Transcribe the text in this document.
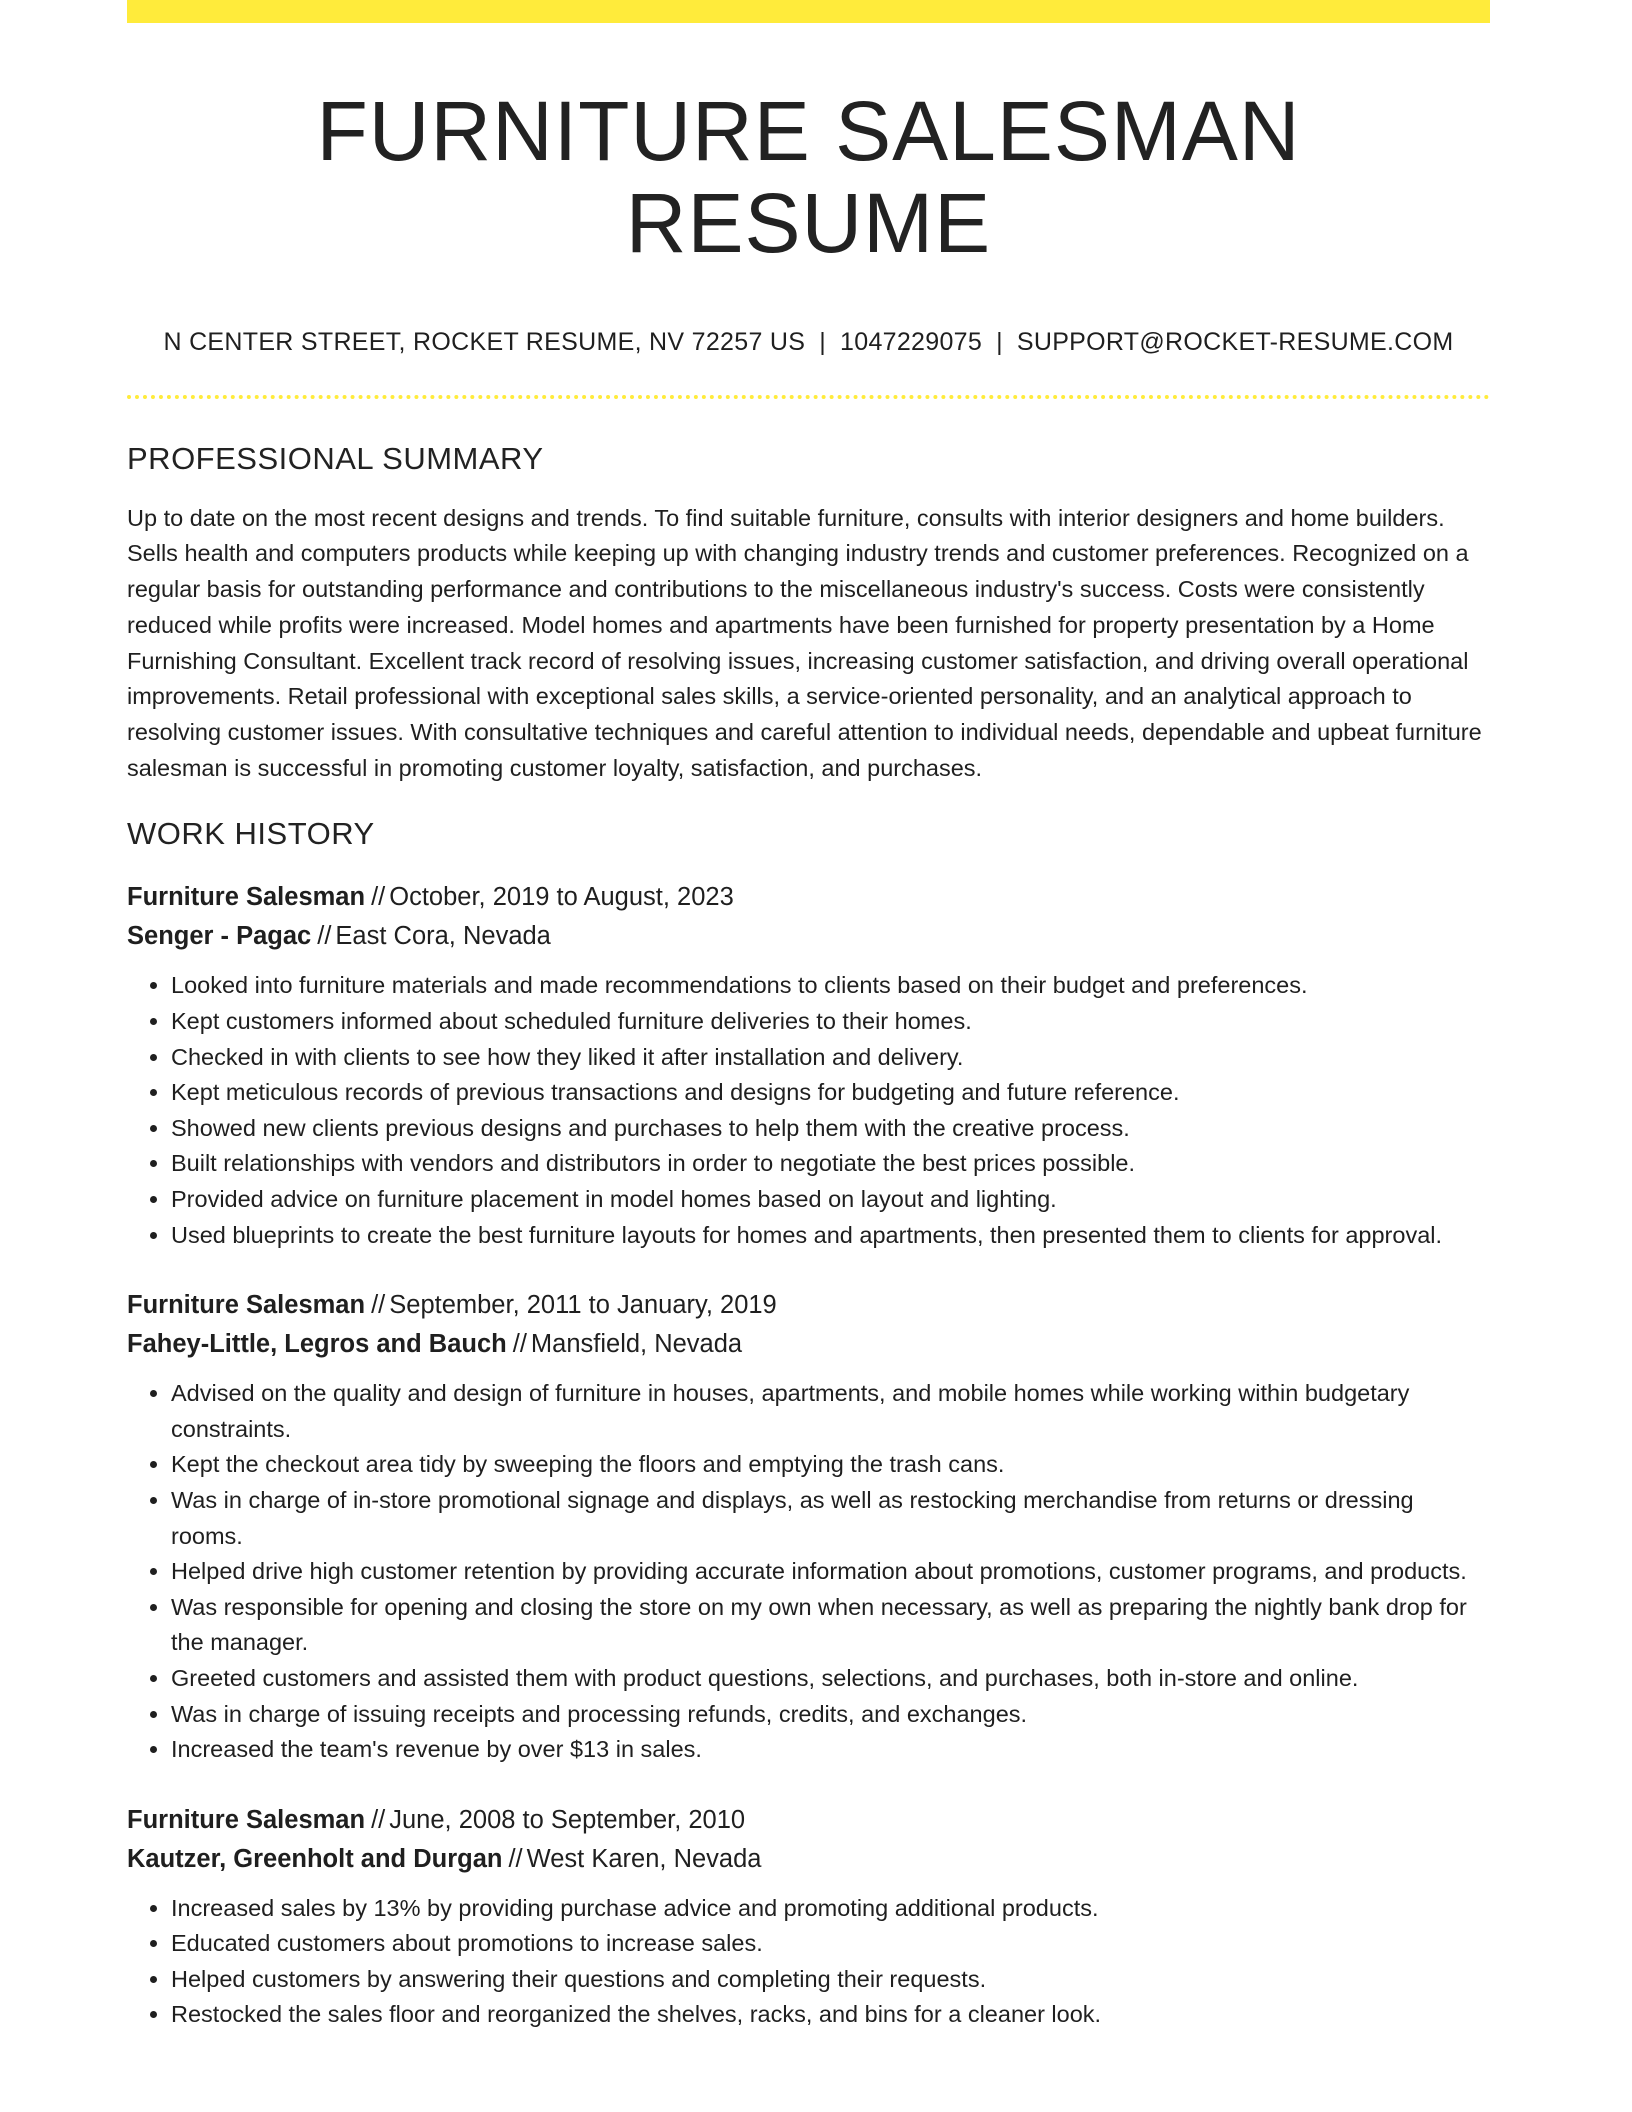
FURNITURE SALESMAN RESUME
N CENTER STREET, ROCKET RESUME, NV 72257 US | 1047229075 | SUPPORT@ROCKET-RESUME.COM
PROFESSIONAL SUMMARY

Up to date on the most recent designs and trends. To find suitable furniture, consults with interior designers and home builders. Sells health and computers products while keeping up with changing industry trends and customer preferences. Recognized on a regular basis for outstanding performance and contributions to the miscellaneous industry's success. Costs were consistently reduced while profits were increased. Model homes and apartments have been furnished for property presentation by a Home Furnishing Consultant. Excellent track record of resolving issues, increasing customer satisfaction, and driving overall operational improvements. Retail professional with exceptional sales skills, a service-oriented personality, and an analytical approach to resolving customer issues. With consultative techniques and careful attention to individual needs, dependable and upbeat furniture salesman is successful in promoting customer loyalty, satisfaction, and purchases.

WORK HISTORY
Furniture Salesman // October, 2019 to August, 2023
Senger - Pagac // East Cora, Nevada
• Looked into furniture materials and made recommendations to clients based on their budget and preferences.
• Kept customers informed about scheduled furniture deliveries to their homes.
• Checked in with clients to see how they liked it after installation and delivery.
• Kept meticulous records of previous transactions and designs for budgeting and future reference.
• Showed new clients previous designs and purchases to help them with the creative process.
• Built relationships with vendors and distributors in order to negotiate the best prices possible.
• Provided advice on furniture placement in model homes based on layout and lighting.
• Used blueprints to create the best furniture layouts for homes and apartments, then presented them to clients for approval.
Furniture Salesman // September, 2011 to January, 2019
Fahey-Little, Legros and Bauch // Mansfield, Nevada
• Advised on the quality and design of furniture in houses, apartments, and mobile homes while working within budgetary constraints.
• Kept the checkout area tidy by sweeping the floors and emptying the trash cans.
• Was in charge of in-store promotional signage and displays, as well as restocking merchandise from returns or dressing rooms.
• Helped drive high customer retention by providing accurate information about promotions, customer programs, and products.
• Was responsible for opening and closing the store on my own when necessary, as well as preparing the nightly bank drop for the manager.
• Greeted customers and assisted them with product questions, selections, and purchases, both in-store and online.
• Was in charge of issuing receipts and processing refunds, credits, and exchanges.
• Increased the team's revenue by over $13 in sales.
Furniture Salesman // June, 2008 to September, 2010
Kautzer, Greenholt and Durgan // West Karen, Nevada
• Increased sales by 13% by providing purchase advice and promoting additional products.
• Educated customers about promotions to increase sales.
• Helped customers by answering their questions and completing their requests.
• Restocked the sales floor and reorganized the shelves, racks, and bins for a cleaner look.
